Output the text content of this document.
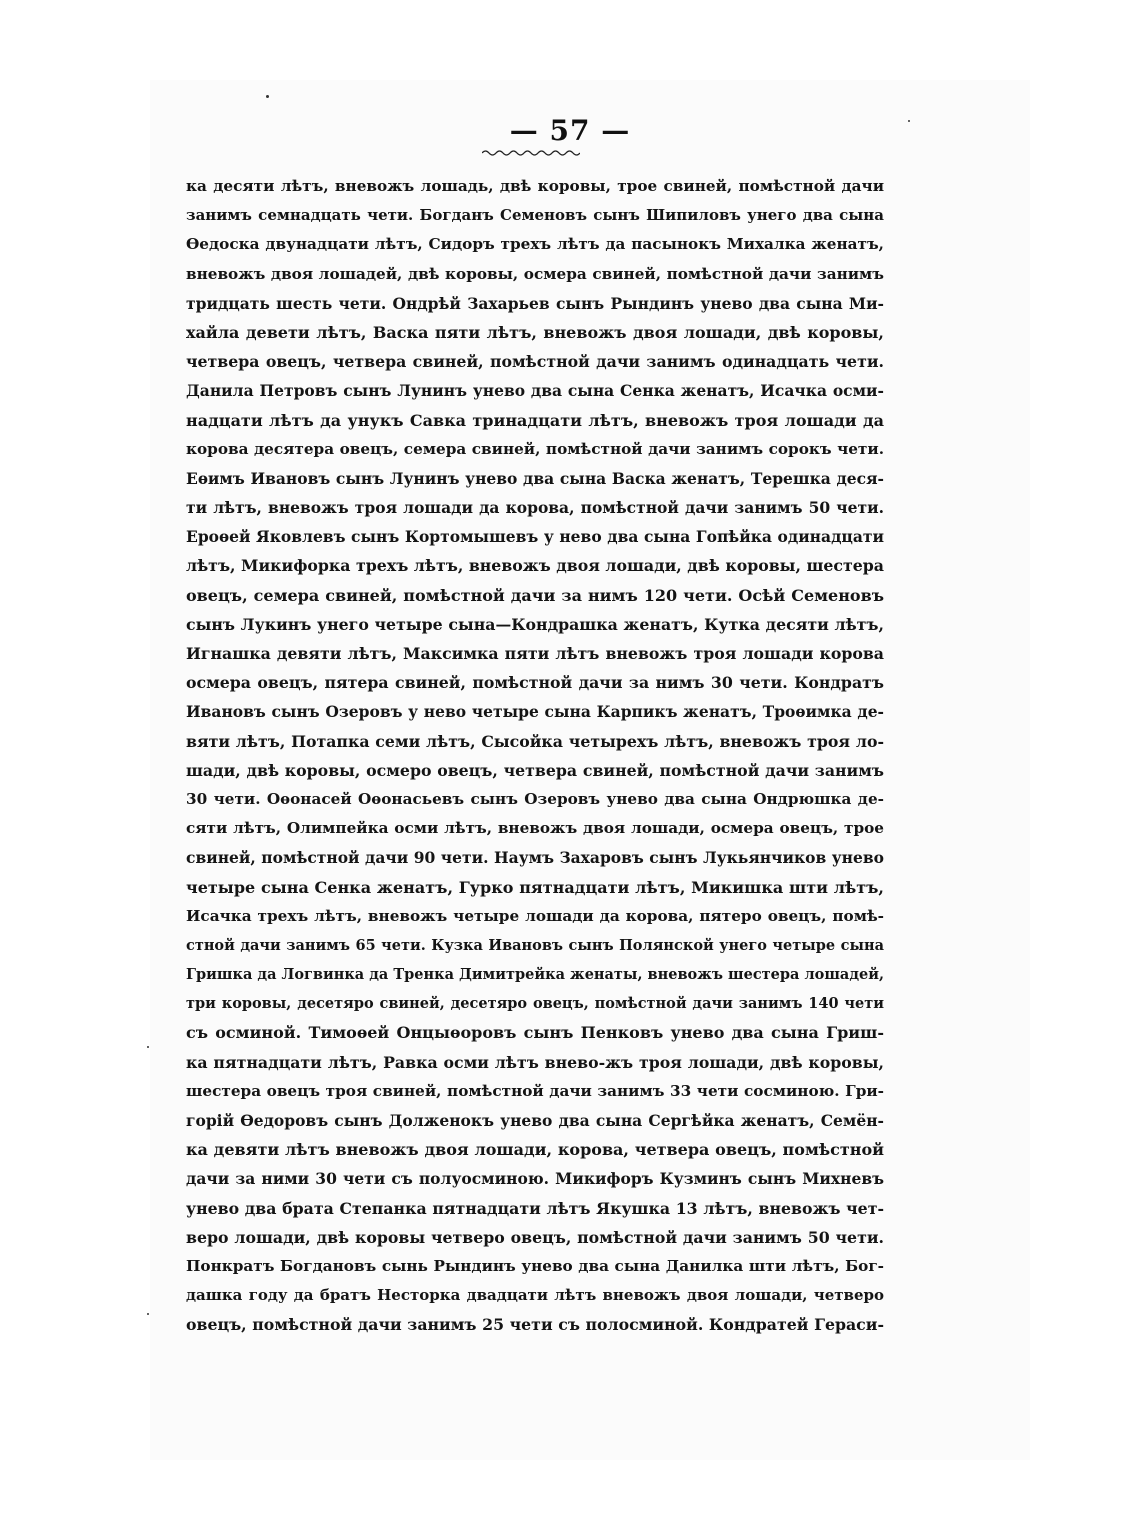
— 57 —
ка десяти лѣтъ, вневожъ лошадь, двѣ коровы, трое свиней, помѣстной дачи
занимъ семнадцать чети. Богданъ Семеновъ сынъ Шипиловъ унего два сына
Ѳедоска двунадцати лѣтъ, Сидоръ трехъ лѣтъ да пасынокъ Михалка женатъ,
вневожъ двоя лошадей, двѣ коровы, осмера свиней, помѣстной дачи занимъ
тридцать шесть чети. Ондрѣй Захарьев сынъ Рындинъ унево два сына Ми-
хайла девети лѣтъ, Васка пяти лѣтъ, вневожъ двоя лошади, двѣ коровы,
четвера овецъ, четвера свиней, помѣстной дачи занимъ одинадцать чети.
Данила Петровъ сынъ Лунинъ унево два сына Сенка женатъ, Исачка осми-
надцати лѣтъ да унукъ Савка тринадцати лѣтъ, вневожъ троя лошади да
корова десятера овецъ, семера свиней, помѣстной дачи занимъ сорокъ чети.
Еѳимъ Ивановъ сынъ Лунинъ унево два сына Васка женатъ, Терешка деся-
ти лѣтъ, вневожъ троя лошади да корова, помѣстной дачи занимъ 50 чети.
Ероѳей Яковлевъ сынъ Кортомышевъ у нево два сына Гопѣйка одинадцати
лѣтъ, Микифорка трехъ лѣтъ, вневожъ двоя лошади, двѣ коровы, шестера
овецъ, семера свиней, помѣстной дачи за нимъ 120 чети. Осѣй Семеновъ
сынъ Лукинъ унего четыре сына—Кондрашка женатъ, Кутка десяти лѣтъ,
Игнашка девяти лѣтъ, Максимка пяти лѣтъ вневожъ троя лошади корова
осмера овецъ, пятера свиней, помѣстной дачи за нимъ 30 чети. Кондратъ
Ивановъ сынъ Озеровъ у нево четыре сына Карпикъ женатъ, Троѳимка де-
вяти лѣтъ, Потапка семи лѣтъ, Сысойка четырехъ лѣтъ, вневожъ троя ло-
шади, двѣ коровы, осмеро овецъ, четвера свиней, помѣстной дачи занимъ
30 чети. Оѳонасей Оѳонасьевъ сынъ Озеровъ унево два сына Ондрюшка де-
сяти лѣтъ, Олимпейка осми лѣтъ, вневожъ двоя лошади, осмера овецъ, трое
свиней, помѣстной дачи 90 чети. Наумъ Захаровъ сынъ Лукьянчиков унево
четыре сына Сенка женатъ, Гурко пятнадцати лѣтъ, Микишка шти лѣтъ,
Исачка трехъ лѣтъ, вневожъ четыре лошади да корова, пятеро овецъ, помѣ-
стной дачи занимъ 65 чети. Кузка Ивановъ сынъ Полянской унего четыре сына
Гришка да Логвинка да Тренка Димитрейка женаты, вневожъ шестера лошадей,
три коровы, десетяро свиней, десетяро овецъ, помѣстной дачи занимъ 140 чети
съ осминой. Тимоѳей Онцыѳоровъ сынъ Пенковъ унево два сына Гриш-
ка пятнадцати лѣтъ, Равка осми лѣтъ внево-жъ троя лошади, двѣ коровы,
шестера овецъ троя свиней, помѣстной дачи занимъ 33 чети сосминою. Гри-
горій Ѳедоровъ сынъ Долженокъ унево два сына Сергѣйка женатъ, Семён-
ка девяти лѣтъ вневожъ двоя лошади, корова, четвера овецъ, помѣстной
дачи за ними 30 чети съ полуосминою. Микифоръ Кузминъ сынъ Михневъ
унево два брата Степанка пятнадцати лѣтъ Якушка 13 лѣтъ, вневожъ чет-
веро лошади, двѣ коровы четверо овецъ, помѣстной дачи занимъ 50 чети.
Понкратъ Богдановъ сынь Рындинъ унево два сына Данилка шти лѣтъ, Бог-
дашка году да братъ Несторка двадцати лѣтъ вневожъ двоя лошади, четверо
овецъ, помѣстной дачи занимъ 25 чети съ полосминой. Кондратей Гераси-
